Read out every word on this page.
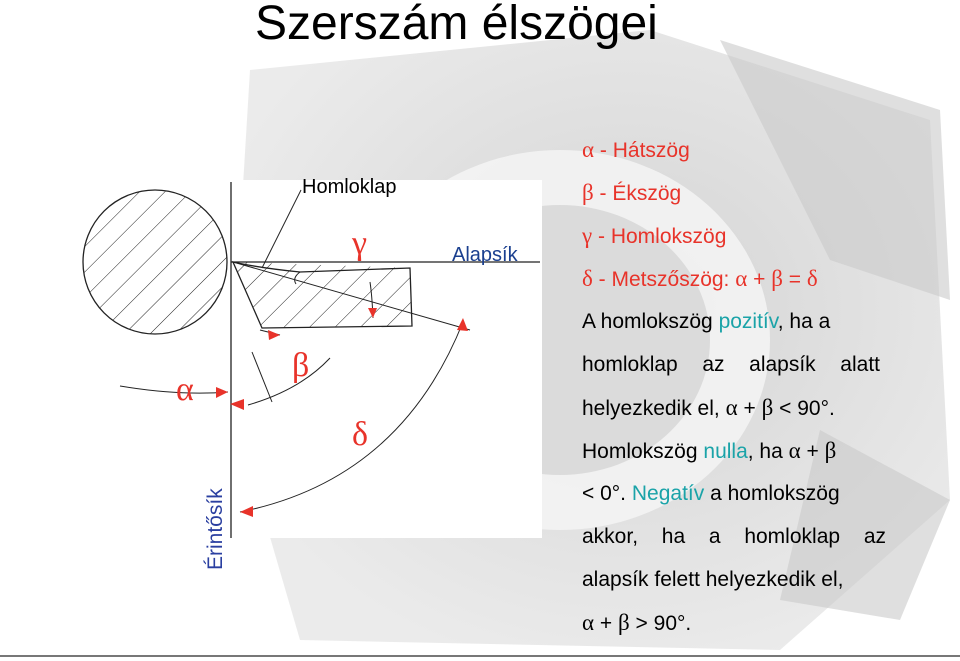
Szerszám élszögei
Homloklap
Alapsík
Érintősík
γ
α
β
δ
α - Hátszög
β - Ékszög
γ - Homlokszög
δ - Metszőszög: α + β = δ
A homlokszög pozitív, ha a
homloklap az alapsík alatt
helyezkedik el, α + β < 90°.
Homlokszög nulla, ha α + β
< 0°. Negatív a homlokszög
akkor, ha a homloklap az
alapsík felett helyezkedik el,
α + β > 90°.
